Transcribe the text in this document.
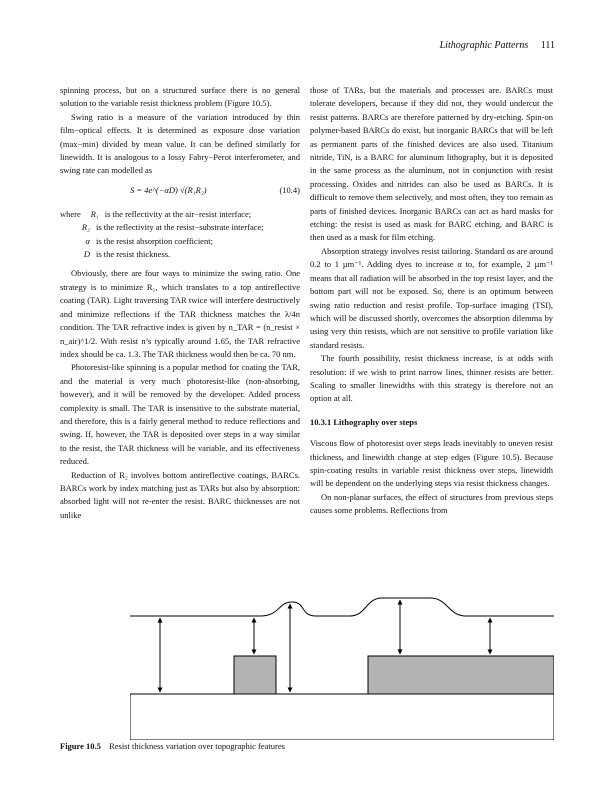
Lithographic Patterns 111

spinning process, but on a structured surface there is no general solution to the variable resist thickness problem (Figure 10.5).

Swing ratio is a measure of the variation introduced by thin film−optical effects. It is determined as exposure dose variation (max−min) divided by mean value. It can be defined similarly for linewidth. It is analogous to a lossy Fabry−Perot interferometer, and swing rate can modelled as

S = 4e^(−αD) √(R₁R₂)	(10.4)
where	R₁ is the reflectivity at the air−resist interface;
R₂ is the reflectivity at the resist−substrate interface;
α is the resist absorption coefficient;
D is the resist thickness.

Obviously, there are four ways to minimize the swing ratio. One strategy is to minimize R₁, which translates to a top antireflective coating (TAR). Light traversing TAR twice will interfere destructively and minimize reflections if the TAR thickness matches the λ/4n condition. The TAR refractive index is given by n_TAR = (n_resist × n_air)^1/2. With resist n’s typically around 1.65, the TAR refractive index should be ca. 1.3. The TAR thickness would then be ca. 70 nm.

Photoresist-like spinning is a popular method for coating the TAR, and the material is very much photoresist-like (non-absorbing, however), and it will be removed by the developer. Added process complexity is small. The TAR is insensitive to the substrate material, and therefore, this is a fairly general method to reduce reflections and swing. If, however, the TAR is deposited over steps in a way similar to the resist, the TAR thickness will be variable, and its effectiveness reduced.

Reduction of R₂ involves bottom antireflective coatings, BARCs. BARCs work by index matching just as TARs but also by absorption: absorbed light will not re-enter the resist. BARC thicknesses are not unlike

those of TARs, but the materials and processes are. BARCs must tolerate developers, because if they did not, they would undercut the resist patterns. BARCs are therefore patterned by dry-etching. Spin-on polymer-based BARCs do exist, but inorganic BARCs that will be left as permanent parts of the finished devices are also used. Titanium nitride, TiN, is a BARC for aluminum lithography, but it is deposited in the same process as the aluminum, not in conjunction with resist processing. Oxides and nitrides can also be used as BARCs. It is difficult to remove them selectively, and most often, they too remain as parts of finished devices. Inorganic BARCs can act as hard masks for etching: the resist is used as mask for BARC etching, and BARC is then used as a mask for film etching.

Absorption strategy involves resist tailoring. Standard αs are around 0.2 to 1 µm⁻¹. Adding dyes to increase α to, for example, 2 µm⁻¹ means that all radiation will be absorbed in the top resist layer, and the bottom part will not be exposed. So, there is an optimum between swing ratio reduction and resist profile. Top-surface imaging (TSI), which will be discussed shortly, overcomes the absorption dilemma by using very thin resists, which are not sensitive to profile variation like standard resists.

The fourth possibility, resist thickness increase, is at odds with resolution: if we wish to print narrow lines, thinner resists are better. Scaling to smaller linewidths with this strategy is therefore not an option at all.

10.3.1 Lithography over steps

Viscous flow of photoresist over steps leads inevitably to uneven resist thickness, and linewidth change at step edges (Figure 10.5). Because spin-coating results in variable resist thickness over steps, linewidth will be dependent on the underlying steps via resist thickness changes.

On non-planar surfaces, the effect of structures from previous steps causes some problems. Reflections from

Figure 10.5 Resist thickness variation over topographic features
